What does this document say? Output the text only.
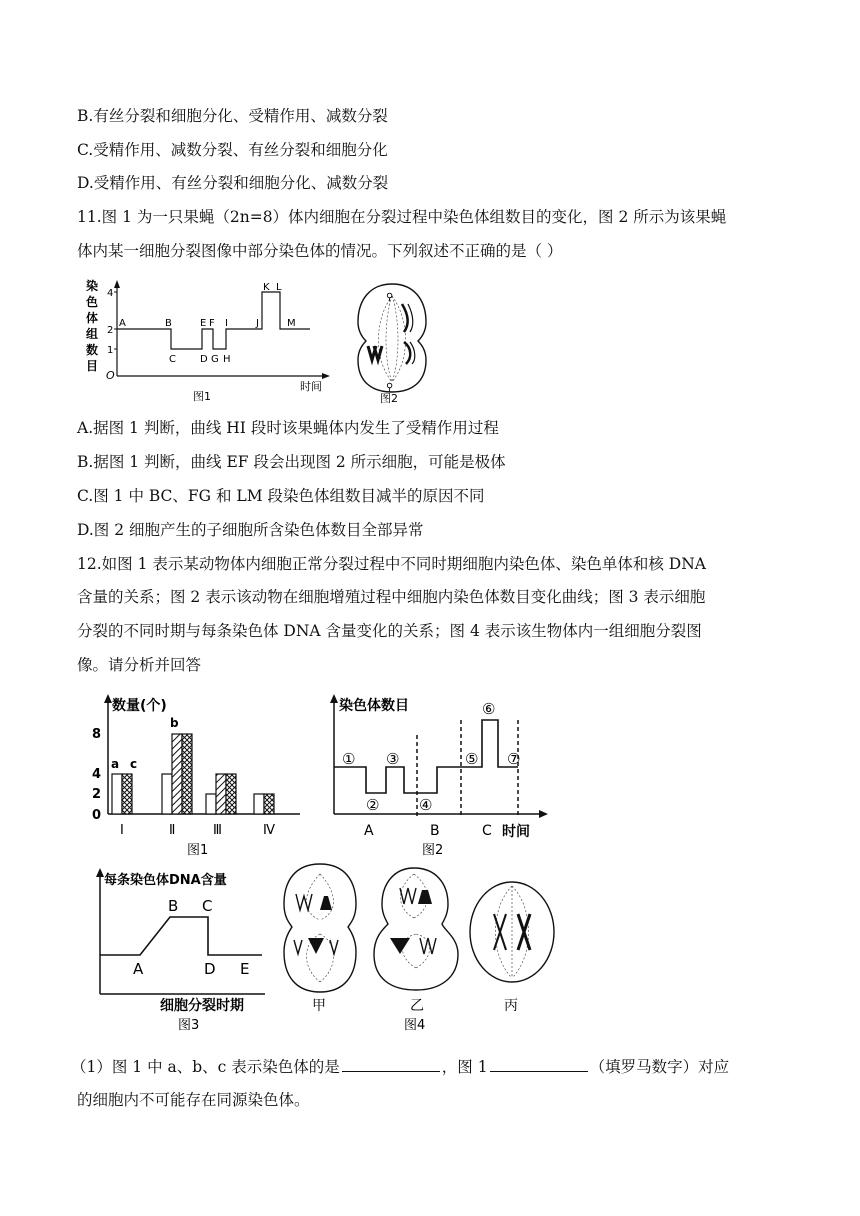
B.有丝分裂和细胞分化、受精作用、减数分裂
C.受精作用、减数分裂、有丝分裂和细胞分化
D.受精作用、有丝分裂和细胞分化、减数分裂
11.图 1 为一只果蝇（2n=8）体内细胞在分裂过程中染色体组数目的变化，图 2 所示为该果蝇
体内某一细胞分裂图像中部分染色体的情况。下列叙述不正确的是（ ）
染
色
体
组
数
目
O
4
2
1
A	B
C D
E F
G H
I	J
K L
M
时间
图1
⚲
⚲
图2
A.据图 1 判断，曲线 HI 段时该果蝇体内发生了受精作用过程
B.据图 1 判断，曲线 EF 段会出现图 2 所示细胞，可能是极体
C.图 1 中 BC、FG 和 LM 段染色体组数目减半的原因不同
D.图 2 细胞产生的子细胞所含染色体数目全部异常
12.如图 1 表示某动物体内细胞正常分裂过程中不同时期细胞内染色体、染色单体和核 DNA
含量的关系；图 2 表示该动物在细胞增殖过程中细胞内染色体数目变化曲线；图 3 表示细胞
分裂的不同时期与每条染色体 DNA 含量变化的关系；图 4 表示该生物体内一组细胞分裂图
像。请分析并回答
数量(个)
8
4
2
0
Ⅰ	Ⅱ	Ⅲ	Ⅳ
a
b
c
图1
染色体数目
①
②
③
④
⑤
⑥
⑦
A	B	C 时间
图2
每条染色体DNA含量
A
B C
D E
细胞分裂时期
图3
甲	乙	丙
图4
（1）图 1 中 a、b、c 表示染色体的是	，图 1	（填罗马数字）对应
的细胞内不可能存在同源染色体。
